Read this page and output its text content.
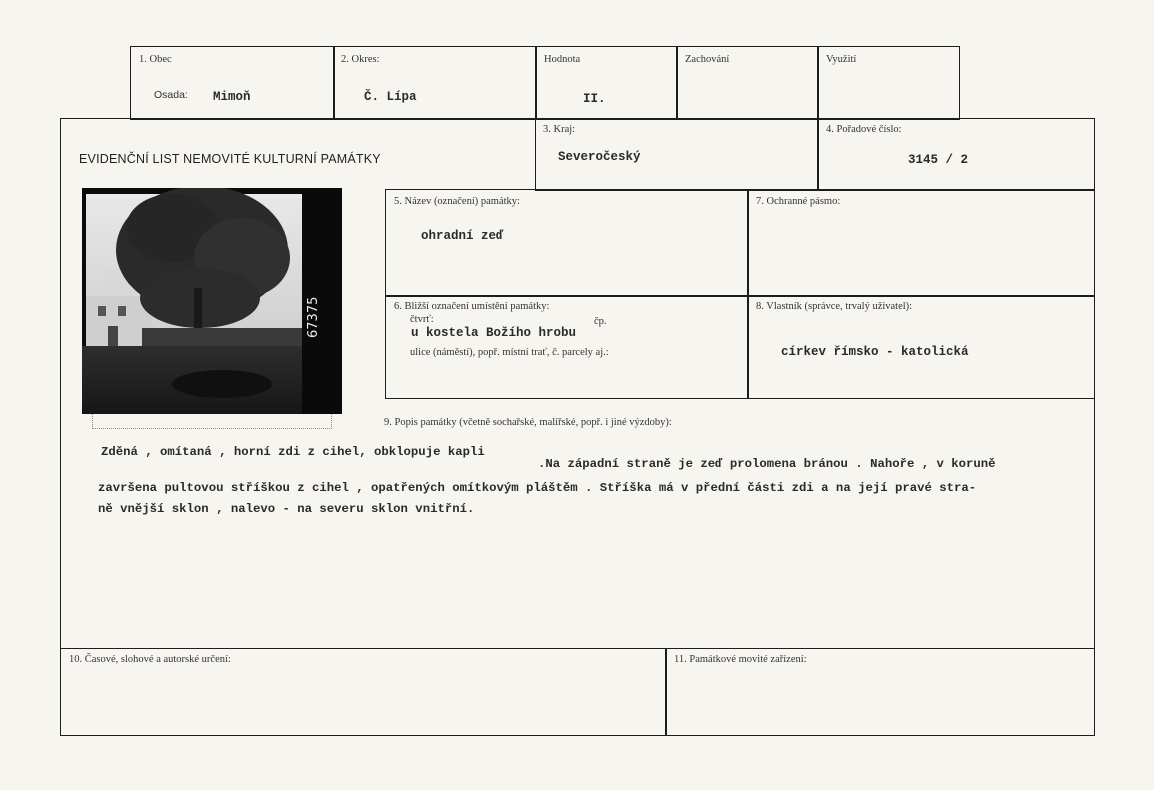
1. Obec
Osada: Mimoň
2. Okres:
Č. Lípa
Hodnota
II.
Zachování	Využití
EVIDENČNÍ LIST NEMOVITÉ KULTURNÍ PAMÁTKY
3. Kraj:
Severočeský
4. Pořadové číslo:
3145 / 2
67375
5. Název (označení) památky:
ohradní zeď
7. Ochranné pásmo:
6. Bližší označení umístění památky:
čtvrť:	čp.
u kostela Božího hrobu
ulice (náměstí), popř. místní trať, č. parcely aj.:
8. Vlastník (správce, trvalý uživatel):
církev římsko - katolická
9. Popis památky (včetně sochařské, malířské, popř. i jiné výzdoby):
Zděná , omítaná , horní zdi z cihel, obklopuje kapli
.Na západní straně je zeď prolomena bránou . Nahoře , v koruně
završena pultovou stříškou z cihel , opatřených omítkovým pláštěm . Stříška má v přední části zdi a na její pravé stra-
ně vnější sklon , nalevo - na severu sklon vnitřní.
10. Časové, slohové a autorské určení:	11. Památkové movité zařízení:
